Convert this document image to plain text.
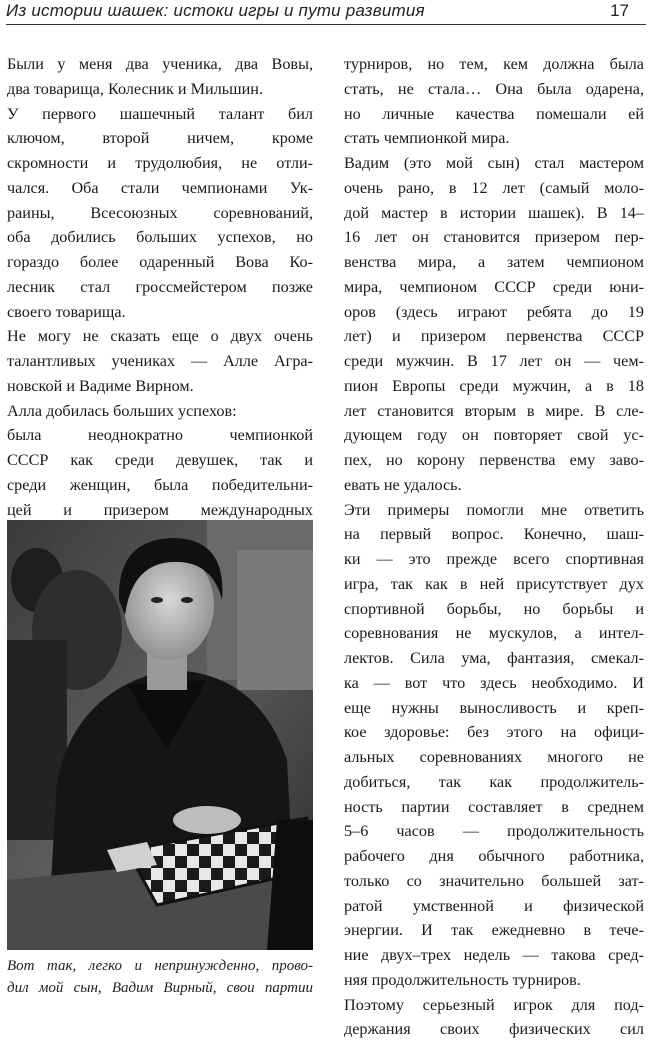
Из истории шашек: истоки игры и пути развития	17
Были у меня два ученика, два Вовы,
два товарища, Колесник и Мильшин.
У первого шашечный талант бил
ключом, второй ничем, кроме
скромности и трудолюбия, не отли-
чался. Оба стали чемпионами Ук-
раины, Всесоюзных соревнований,
оба добились больших успехов, но
гораздо более одаренный Вова Ко-
лесник стал гроссмейстером позже
своего товарища.
Не могу не сказать еще о двух очень
талантливых учениках — Алле Агра-
новской и Вадиме Вирном.
Алла добилась больших успехов:
была неоднократно чемпионкой
СССР как среди девушек, так и
среди женщин, была победительни-
цей и призером международных
турниров, но тем, кем должна была
стать, не стала… Она была одарена,
но личные качества помешали ей
стать чемпионкой мира.
Вадим (это мой сын) стал мастером
очень рано, в 12 лет (самый моло-
дой мастер в истории шашек). В 14–
16 лет он становится призером пер-
венства мира, а затем чемпионом
мира, чемпионом СССР среди юни-
оров (здесь играют ребята до 19
лет) и призером первенства СССР
среди мужчин. В 17 лет он — чем-
пион Европы среди мужчин, а в 18
лет становится вторым в мире. В сле-
дующем году он повторяет свой ус-
пех, но корону первенства ему заво-
евать не удалось.
Эти примеры помогли мне ответить
на первый вопрос. Конечно, шаш-
ки — это прежде всего спортивная
игра, так как в ней присутствует дух
спортивной борьбы, но борьбы и
соревнования не мускулов, а интел-
лектов. Сила ума, фантазия, смекал-
ка — вот что здесь необходимо. И
еще нужны выносливость и креп-
кое здоровье: без этого на офици-
альных соревнованиях многого не
добиться, так как продолжитель-
ность партии составляет в среднем
5–6 часов — продолжительность
рабочего дня обычного работника,
только со значительно большей зат-
ратой умственной и физической
энергии. И так ежедневно в тече-
ние двух–трех недель — такова сред-
няя продолжительность турниров.
Поэтому серьезный игрок для под-
держания своих физических сил
Вот так, легко и непринужденно, прово-
дил мой сын, Вадим Вирный, свои партии
